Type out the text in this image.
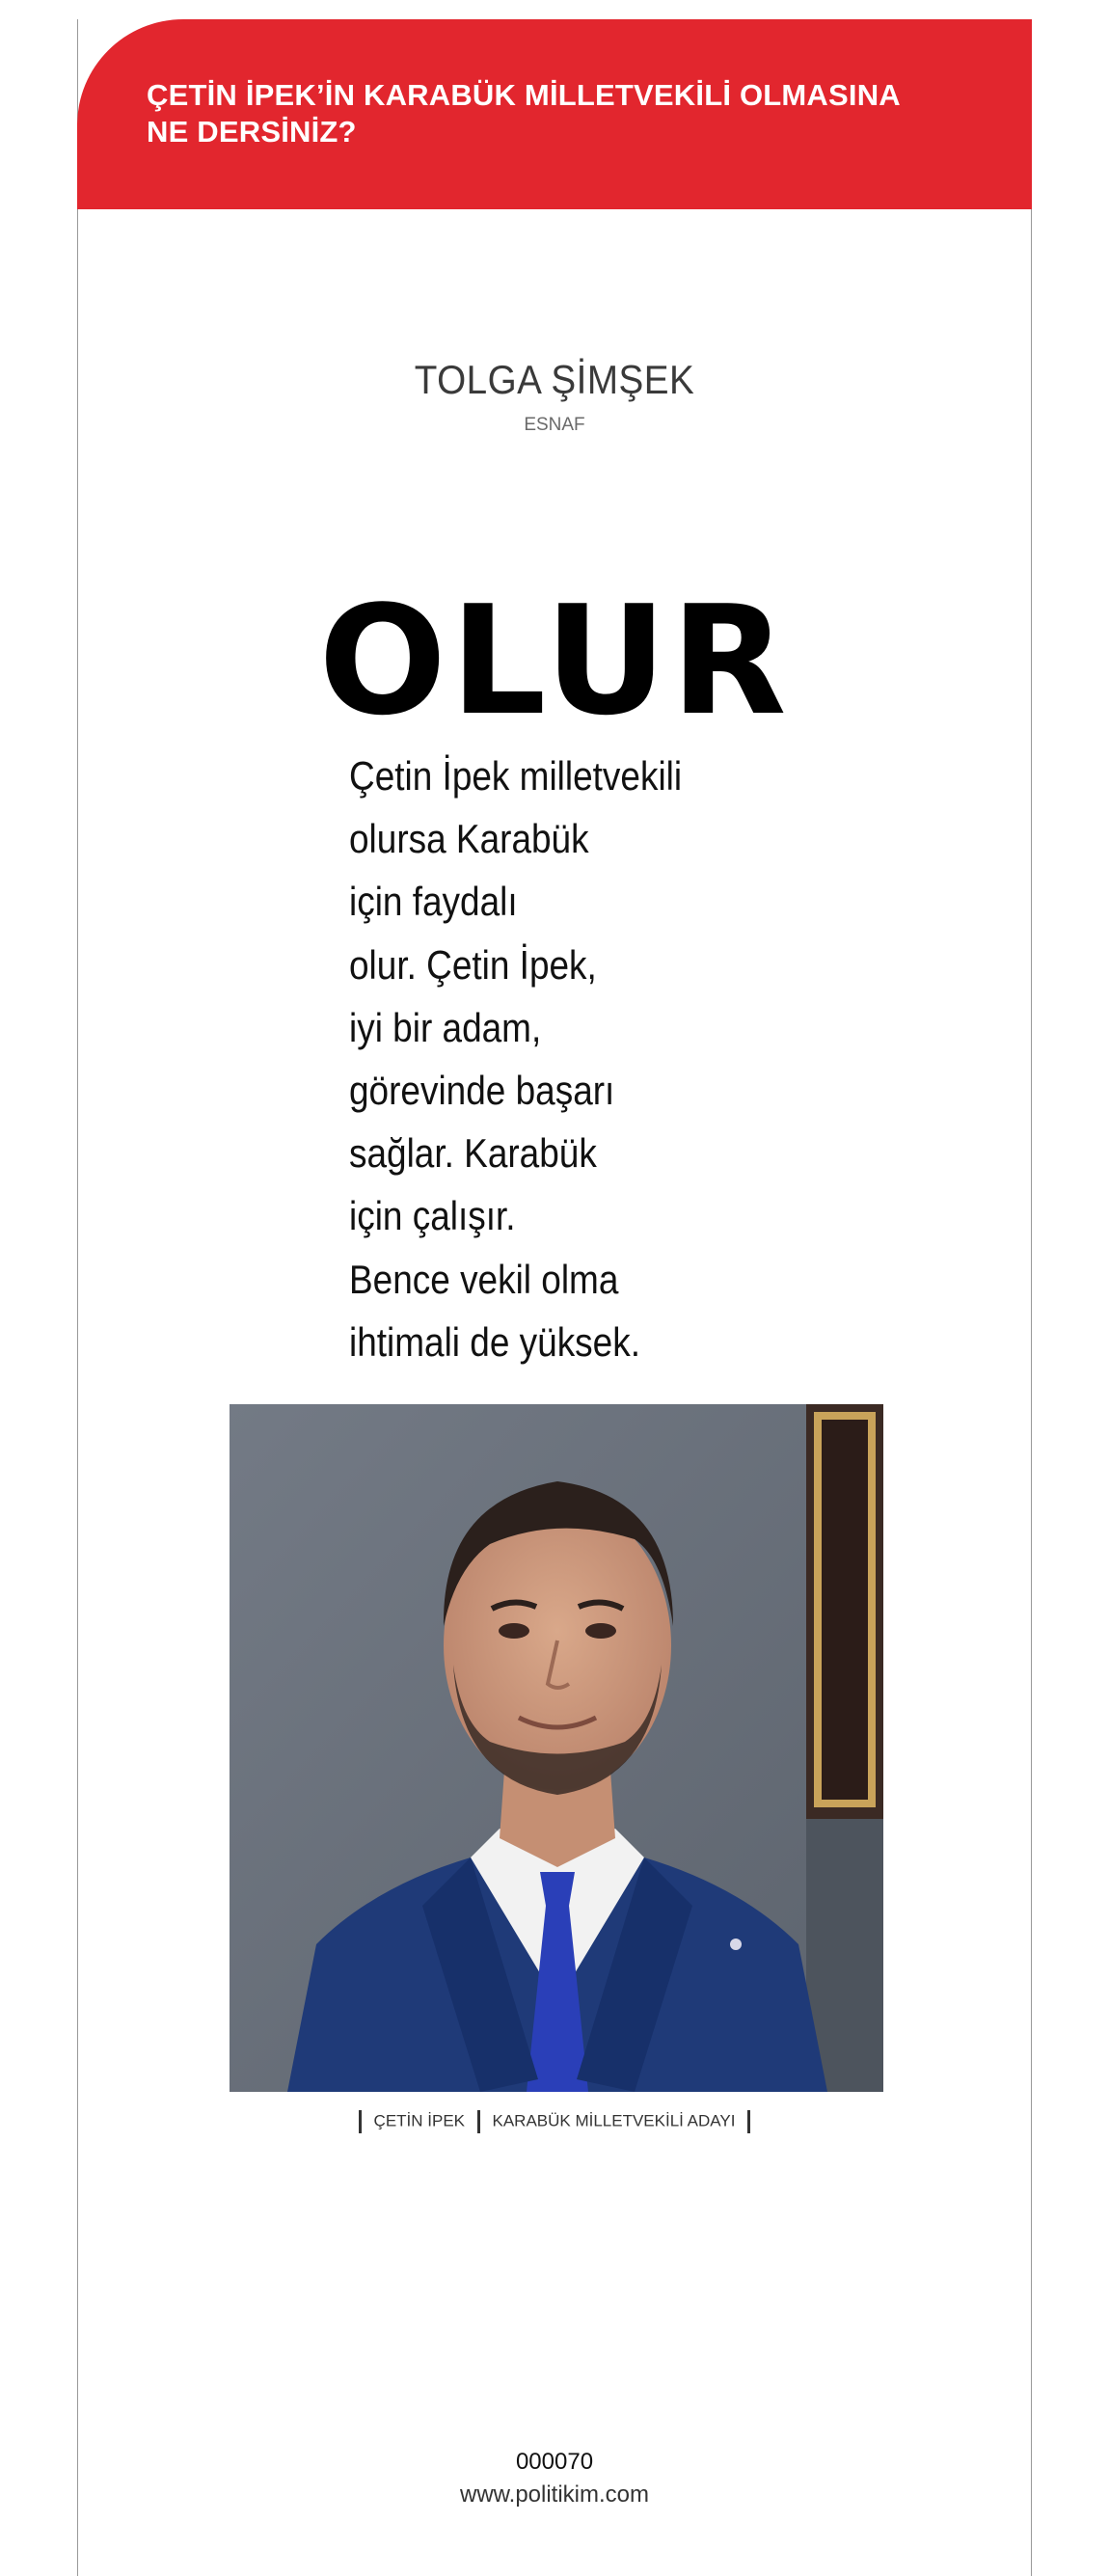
ÇETİN İPEK’İN KARABÜK MİLLETVEKİLİ OLMASINA
NE DERSİNİZ?

TOLGA ŞİMŞEK
ESNAF
OLUR
Çetin İpek milletvekili
olursa Karabük
için faydalı
olur. Çetin İpek,
iyi bir adam,
görevinde başarı
sağlar. Karabük
için çalışır.
Bence vekil olma
ihtimali de yüksek.
ÇETİN İPEK KARABÜK MİLLETVEKİLİ ADAYI
000070
www.politikim.com
